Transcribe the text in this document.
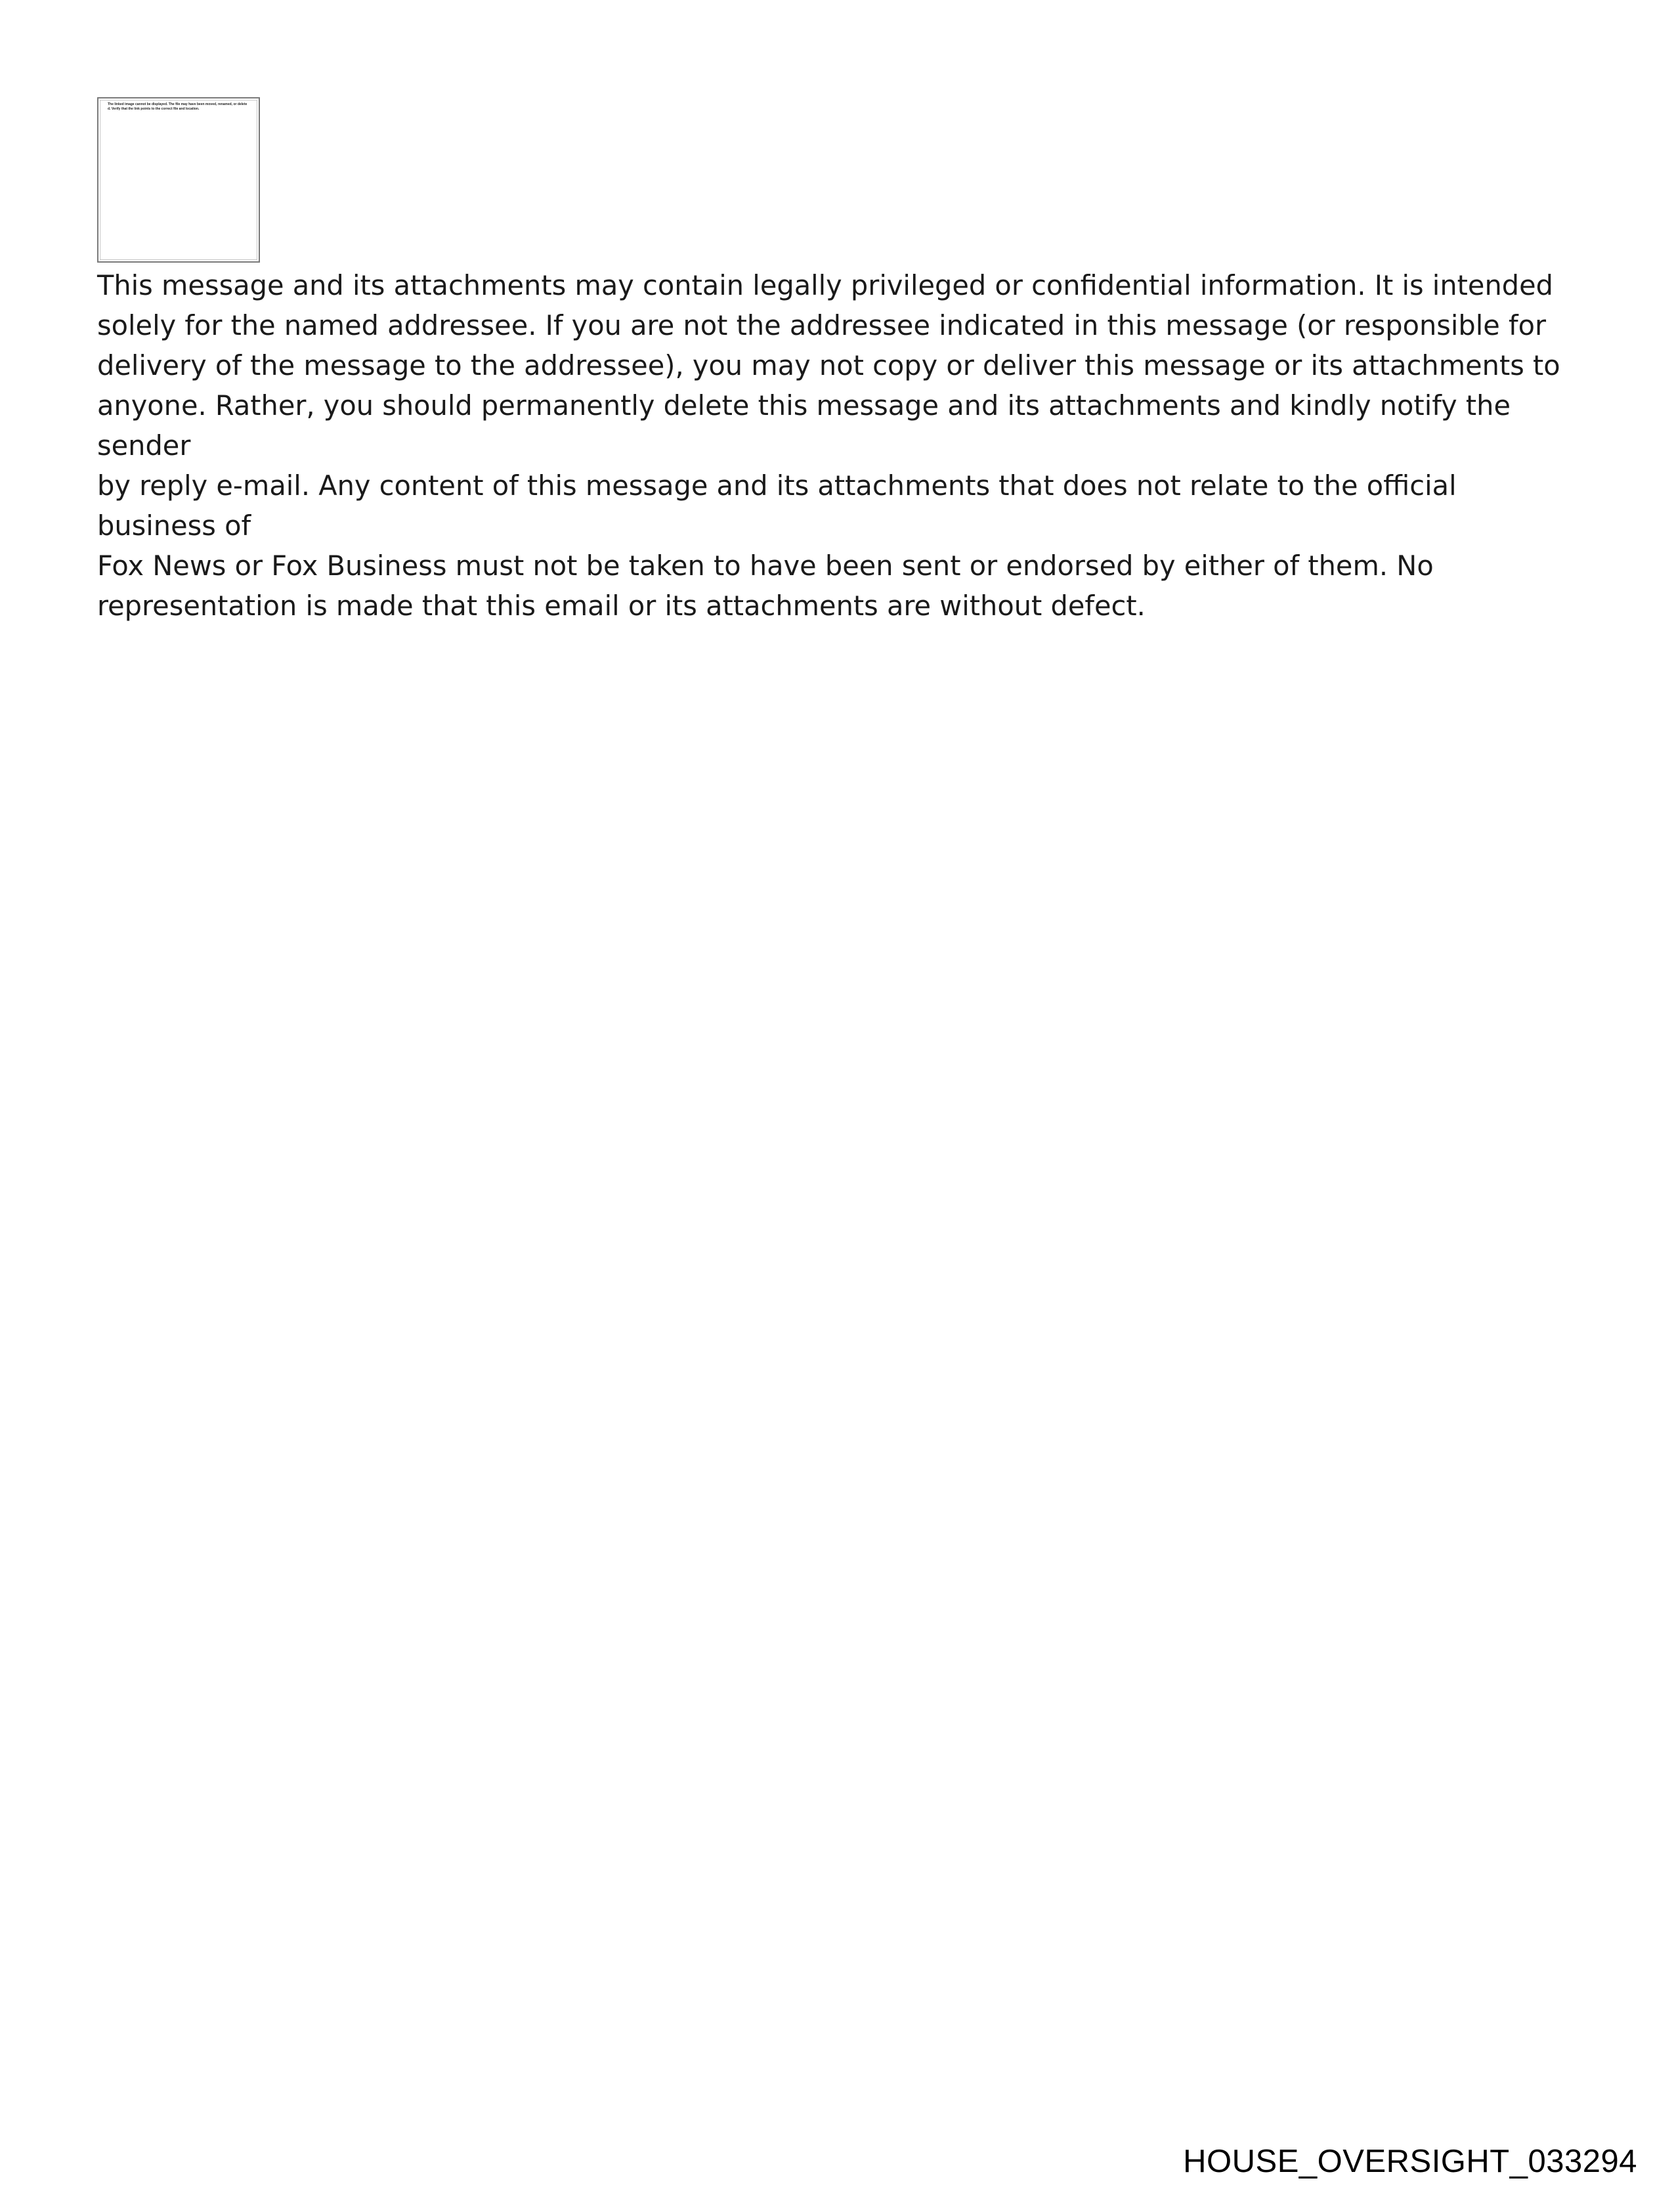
The linked image cannot be displayed. The file may have been moved, renamed, or deleted. Verify that the link points to the correct file and location.

This message and its attachments may contain legally privileged or confidential information. It is intended
solely for the named addressee. If you are not the addressee indicated in this message (or responsible for
delivery of the message to the addressee), you may not copy or deliver this message or its attachments to
anyone. Rather, you should permanently delete this message and its attachments and kindly notify the sender
by reply e-mail. Any content of this message and its attachments that does not relate to the official business of
Fox News or Fox Business must not be taken to have been sent or endorsed by either of them. No
representation is made that this email or its attachments are without defect.

HOUSE_OVERSIGHT_033294
